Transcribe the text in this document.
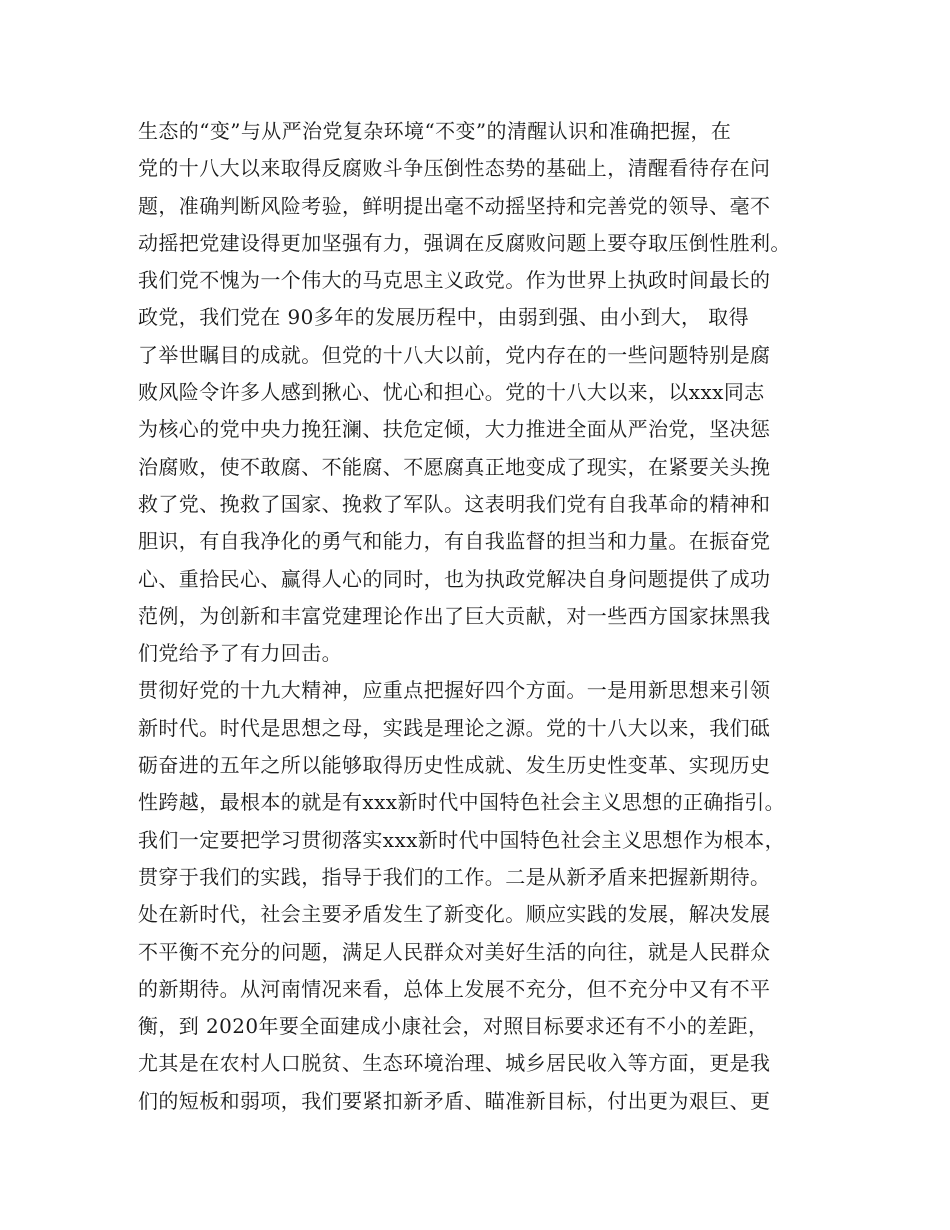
生态的“变”与从严治党复杂环境“不变”的清醒认识和准确把握，在
党的十八大以来取得反腐败斗争压倒性态势的基础上，清醒看待存在问
题，准确判断风险考验，鲜明提出毫不动摇坚持和完善党的领导、毫不
动摇把党建设得更加坚强有力，强调在反腐败问题上要夺取压倒性胜利。
我们党不愧为一个伟大的马克思主义政党。作为世界上执政时间最长的
政党，我们党在 90多年的发展历程中，由弱到强、由小到大， 取得
了举世瞩目的成就。但党的十八大以前，党内存在的一些问题特别是腐
败风险令许多人感到揪心、忧心和担心。党的十八大以来，以xxx同志
为核心的党中央力挽狂澜、扶危定倾，大力推进全面从严治党，坚决惩
治腐败，使不敢腐、不能腐、不愿腐真正地变成了现实，在紧要关头挽
救了党、挽救了国家、挽救了军队。这表明我们党有自我革命的精神和
胆识，有自我净化的勇气和能力，有自我监督的担当和力量。在振奋党
心、重拾民心、赢得人心的同时，也为执政党解决自身问题提供了成功
范例，为创新和丰富党建理论作出了巨大贡献，对一些西方国家抹黑我
们党给予了有力回击。
贯彻好党的十九大精神，应重点把握好四个方面。一是用新思想来引领
新时代。时代是思想之母，实践是理论之源。党的十八大以来，我们砥
砺奋进的五年之所以能够取得历史性成就、发生历史性变革、实现历史
性跨越，最根本的就是有xxx新时代中国特色社会主义思想的正确指引。
我们一定要把学习贯彻落实xxx新时代中国特色社会主义思想作为根本，
贯穿于我们的实践，指导于我们的工作。二是从新矛盾来把握新期待。
处在新时代，社会主要矛盾发生了新变化。顺应实践的发展，解决发展
不平衡不充分的问题，满足人民群众对美好生活的向往，就是人民群众
的新期待。从河南情况来看，总体上发展不充分，但不充分中又有不平
衡，到 2020年要全面建成小康社会，对照目标要求还有不小的差距，
尤其是在农村人口脱贫、生态环境治理、城乡居民收入等方面，更是我
们的短板和弱项，我们要紧扣新矛盾、瞄准新目标，付出更为艰巨、更
